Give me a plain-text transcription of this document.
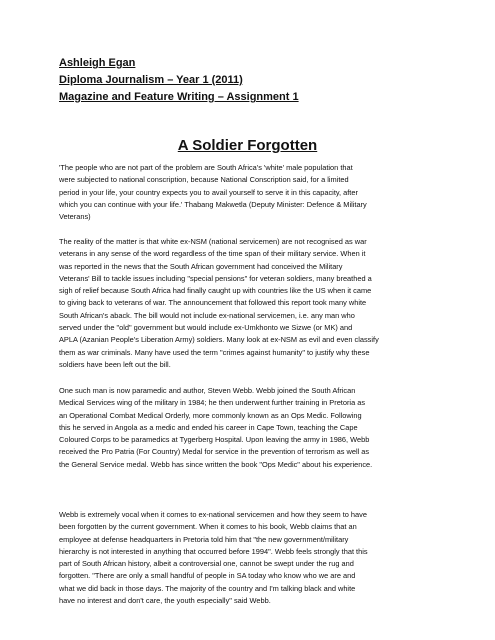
Ashleigh Egan
Diploma Journalism – Year 1 (2011)
Magazine and Feature Writing – Assignment 1
A Soldier Forgotten

'The people who are not part of the problem are South Africa's 'white' male population that
were subjected to national conscription, because National Conscription said, for a limited
period in your life, your country expects you to avail yourself to serve it in this capacity, after
which you can continue with your life.' Thabang Makwetla (Deputy Minister: Defence & Military
Veterans)

The reality of the matter is that white ex-NSM (national servicemen) are not recognised as war
veterans in any sense of the word regardless of the time span of their military service. When it
was reported in the news that the South African government had conceived the Military
Veterans' Bill to tackle issues including "special pensions" for veteran soldiers, many breathed a
sigh of relief because South Africa had finally caught up with countries like the US when it came
to giving back to veterans of war. The announcement that followed this report took many white
South African's aback. The bill would not include ex-national servicemen, i.e. any man who
served under the "old" government but would include ex-Umkhonto we Sizwe (or MK) and
APLA (Azanian People's Liberation Army) soldiers. Many look at ex-NSM as evil and even classify
them as war criminals. Many have used the term "crimes against humanity" to justify why these
soldiers have been left out the bill.

One such man is now paramedic and author, Steven Webb. Webb joined the South African
Medical Services wing of the military in 1984; he then underwent further training in Pretoria as
an Operational Combat Medical Orderly, more commonly known as an Ops Medic. Following
this he served in Angola as a medic and ended his career in Cape Town, teaching the Cape
Coloured Corps to be paramedics at Tygerberg Hospital. Upon leaving the army in 1986, Webb
received the Pro Patria (For Country) Medal for service in the prevention of terrorism as well as
the General Service medal. Webb has since written the book "Ops Medic" about his experience.

Webb is extremely vocal when it comes to ex-national servicemen and how they seem to have
been forgotten by the current government. When it comes to his book, Webb claims that an
employee at defense headquarters in Pretoria told him that "the new government/military
hierarchy is not interested in anything that occurred before 1994". Webb feels strongly that this
part of South African history, albeit a controversial one, cannot be swept under the rug and
forgotten. "There are only a small handful of people in SA today who know who we are and
what we did back in those days. The majority of the country and I'm talking black and white
have no interest and don't care, the youth especially" said Webb.
